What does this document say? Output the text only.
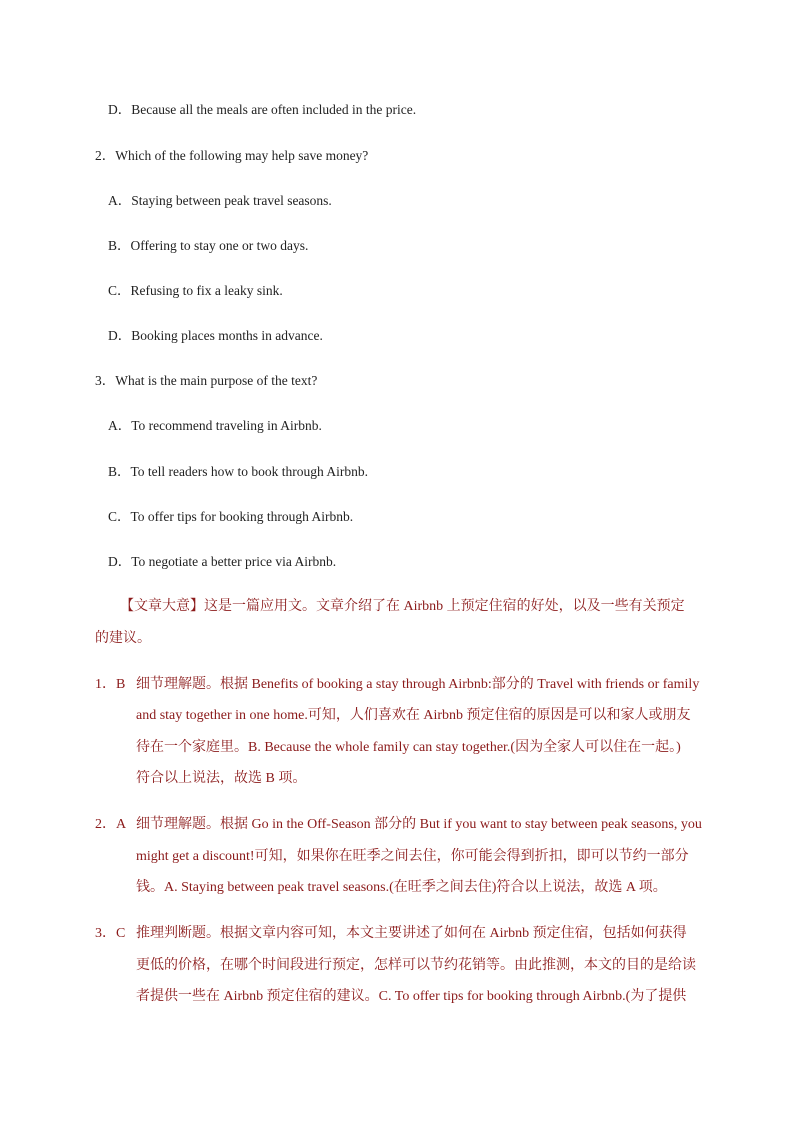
D．Because all the meals are often included in the price.
2．Which of the following may help save money?
A．Staying between peak travel seasons.
B．Offering to stay one or two days.
C．Refusing to fix a leaky sink.
D．Booking places months in advance.
3．What is the main purpose of the text?
A．To recommend traveling in Airbnb.
B．To tell readers how to book through Airbnb.
C．To offer tips for booking through Airbnb.
D．To negotiate a better price via Airbnb.
【文章大意】这是一篇应用文。文章介绍了在 Airbnb 上预定住宿的好处，以及一些有关预定
的建议。
1．B 细节理解题。根据 Benefits of booking a stay through Airbnb:部分的 Travel with friends or family
and stay together in one home.可知，人们喜欢在 Airbnb 预定住宿的原因是可以和家人或朋友
待在一个家庭里。B. Because the whole family can stay together.(因为全家人可以住在一起。)
符合以上说法，故选 B 项。
2．A 细节理解题。根据 Go in the Off-Season 部分的 But if you want to stay between peak seasons, you
might get a discount!可知，如果你在旺季之间去住，你可能会得到折扣，即可以节约一部分
钱。A. Staying between peak travel seasons.(在旺季之间去住)符合以上说法，故选 A 项。
3．C 推理判断题。根据文章内容可知，本文主要讲述了如何在 Airbnb 预定住宿，包括如何获得
更低的价格，在哪个时间段进行预定，怎样可以节约花销等。由此推测，本文的目的是给读
者提供一些在 Airbnb 预定住宿的建议。C. To offer tips for booking through Airbnb.(为了提供
